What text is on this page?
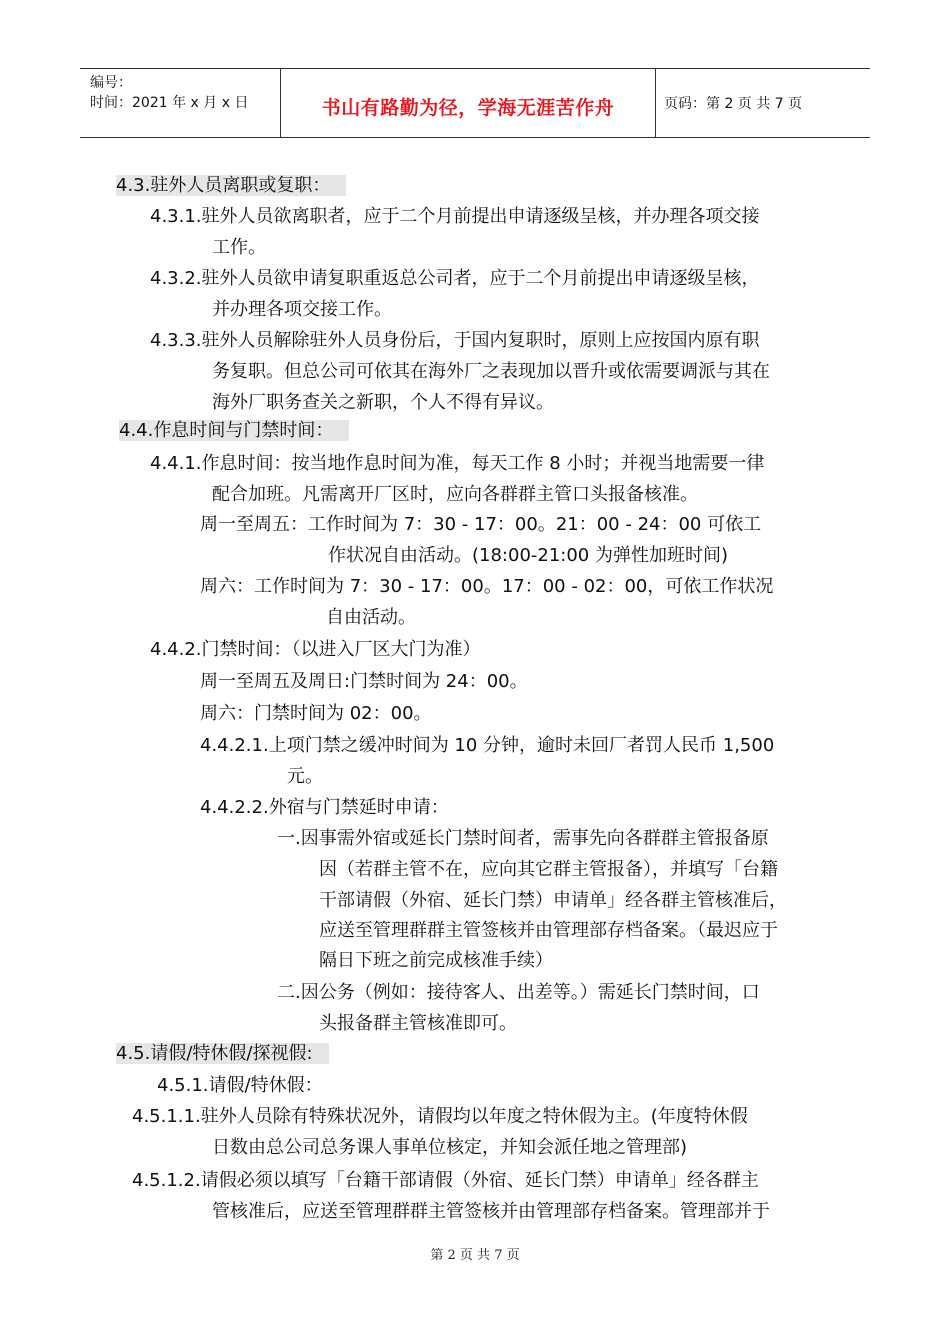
编号：
时间：2021 年 x 月 x 日	书山有路勤为径，学海无涯苦作舟	页码：第 2 页 共 7 页
4.3.驻外人员离职或复职：
4.3.1.驻外人员欲离职者，应于二个月前提出申请逐级呈核，并办理各项交接
工作。
4.3.2.驻外人员欲申请复职重返总公司者，应于二个月前提出申请逐级呈核，
并办理各项交接工作。
4.3.3.驻外人员解除驻外人员身份后，于国内复职时，原则上应按国内原有职
务复职。但总公司可依其在海外厂之表现加以晋升或依需要调派与其在
海外厂职务查关之新职，个人不得有异议。
4.4.作息时间与门禁时间：
4.4.1.作息时间：按当地作息时间为准，每天工作 8 小时；并视当地需要一律
配合加班。凡需离开厂区时，应向各群群主管口头报备核准。
周一至周五：工作时间为 7：30 - 17：00。21：00 - 24：00 可依工
作状况自由活动。(18:00-21:00 为弹性加班时间)
周六：工作时间为 7：30 - 17：00。17：00 - 02：00，可依工作状况
自由活动。
4.4.2.门禁时间：（以进入厂区大门为准）
周一至周五及周日:门禁时间为 24：00。
周六：门禁时间为 02：00。
4.4.2.1.上项门禁之缓冲时间为 10 分钟，逾时未回厂者罚人民币 1,500
元。
4.4.2.2.外宿与门禁延时申请：
一.因事需外宿或延长门禁时间者，需事先向各群群主管报备原
因（若群主管不在，应向其它群主管报备），并填写「台籍
干部请假（外宿、延长门禁）申请单」经各群主管核准后，
应送至管理群群主管签核并由管理部存档备案。（最迟应于
隔日下班之前完成核准手续）
二.因公务（例如：接待客人、出差等。）需延长门禁时间，口
头报备群主管核准即可。
4.5.请假/特休假/探视假:
4.5.1.请假/特休假：
4.5.1.1.驻外人员除有特殊状况外，请假均以年度之特休假为主。(年度特休假
日数由总公司总务课人事单位核定，并知会派任地之管理部)
4.5.1.2.请假必须以填写「台籍干部请假（外宿、延长门禁）申请单」经各群主
管核准后，应送至管理群群主管签核并由管理部存档备案。管理部并于
第 2 页 共 7 页
